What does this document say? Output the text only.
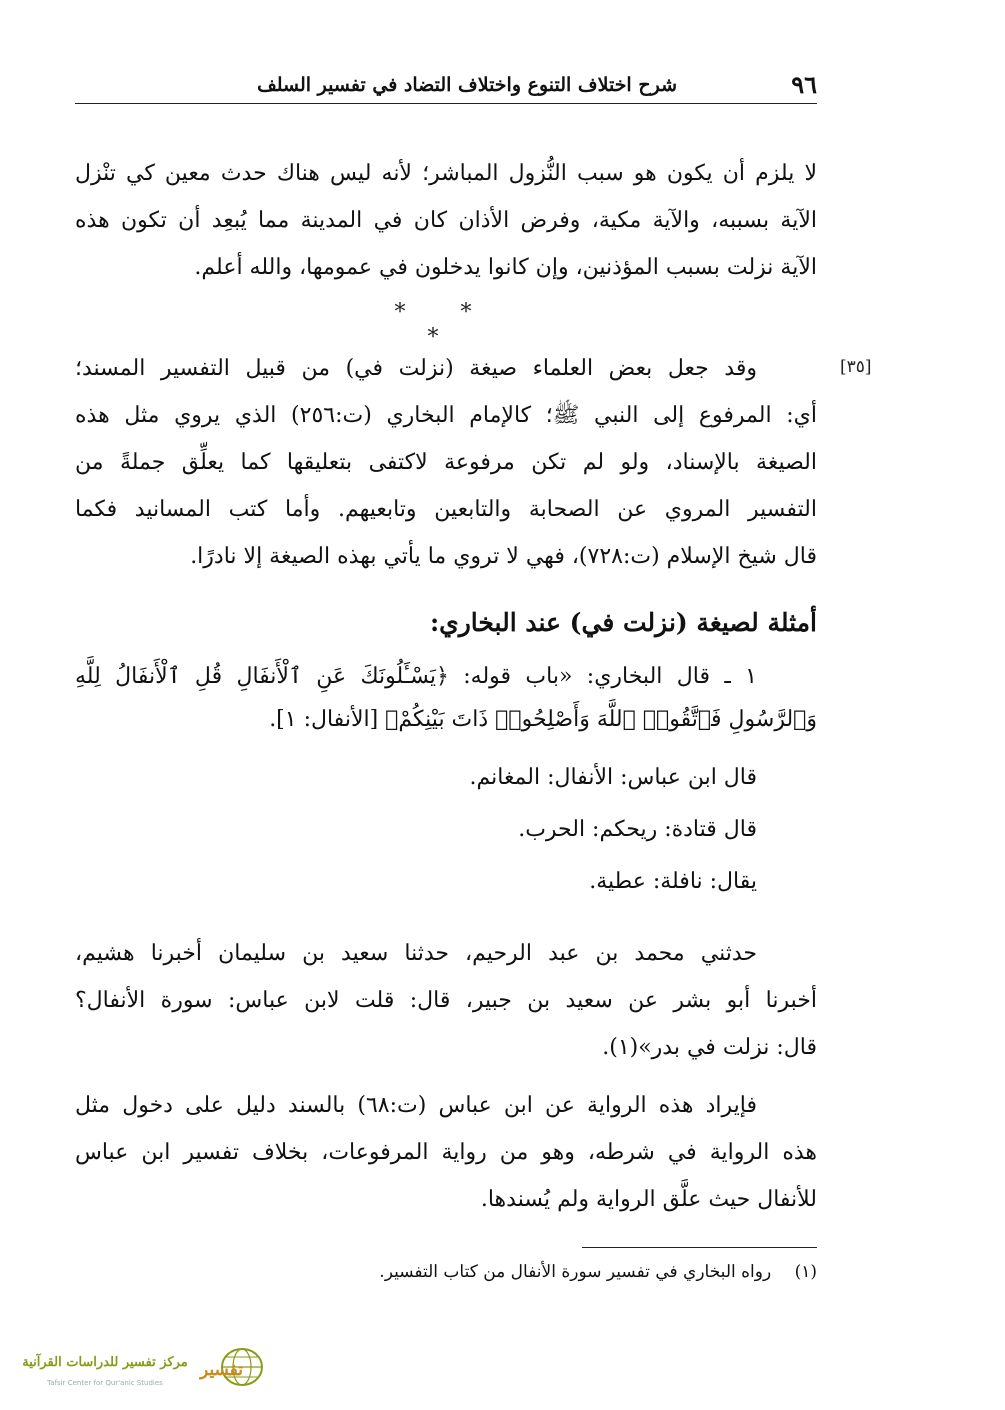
٩٦
شرح اختلاف التنوع واختلاف التضاد في تفسير السلف
لا يلزم أن يكون هو سبب النُّزول المباشر؛ لأنه ليس هناك حدث معين كي تنْزل
الآية بسببه، والآية مكية، وفرض الأذان كان في المدينة مما يُبعِد أن تكون هذه
الآية نزلت بسبب المؤذنين، وإن كانوا يدخلون في عمومها، والله أعلم.
* * *
[٣٥]
وقد جعل بعض العلماء صيغة (نزلت في) من قبيل التفسير المسند؛
أي: المرفوع إلى النبي ﷺ؛ كالإمام البخاري (ت:٢٥٦) الذي يروي مثل هذه
الصيغة بالإسناد، ولو لم تكن مرفوعة لاكتفى بتعليقها كما يعلِّق جملةً من
التفسير المروي عن الصحابة والتابعين وتابعيهم. وأما كتب المسانيد فكما
قال شيخ الإسلام (ت:٧٢٨)، فهي لا تروي ما يأتي بهذه الصيغة إلا نادرًا.
أمثلة لصيغة (نزلت في) عند البخاري:
١ ـ قال البخاري: «باب قوله: ﴿يَسْـَٔلُونَكَ عَنِ ٱلْأَنفَالِ قُلِ ٱلْأَنفَالُ لِلَّهِ
وَٱلرَّسُولِ فَٱتَّقُوا۟ ٱللَّهَ وَأَصْلِحُوا۟ ذَاتَ بَيْنِكُمْ﴾ [الأنفال: ١].
قال ابن عباس: الأنفال: المغانم.
قال قتادة: ريحكم: الحرب.
يقال: نافلة: عطية.
حدثني محمد بن عبد الرحيم، حدثنا سعيد بن سليمان أخبرنا هشيم،
أخبرنا أبو بشر عن سعيد بن جبير، قال: قلت لابن عباس: سورة الأنفال؟
قال: نزلت في بدر»(١).
فإيراد هذه الرواية عن ابن عباس (ت:٦٨) بالسند دليل على دخول مثل
هذه الرواية في شرطه، وهو من رواية المرفوعات، بخلاف تفسير ابن عباس
للأنفال حيث علَّق الرواية ولم يُسندها.
(١) رواه البخاري في تفسير سورة الأنفال من كتاب التفسير.
مركز تفسير للدراسات القرآنية
Tafsir Center for Qur'anic Studies
تفسير
